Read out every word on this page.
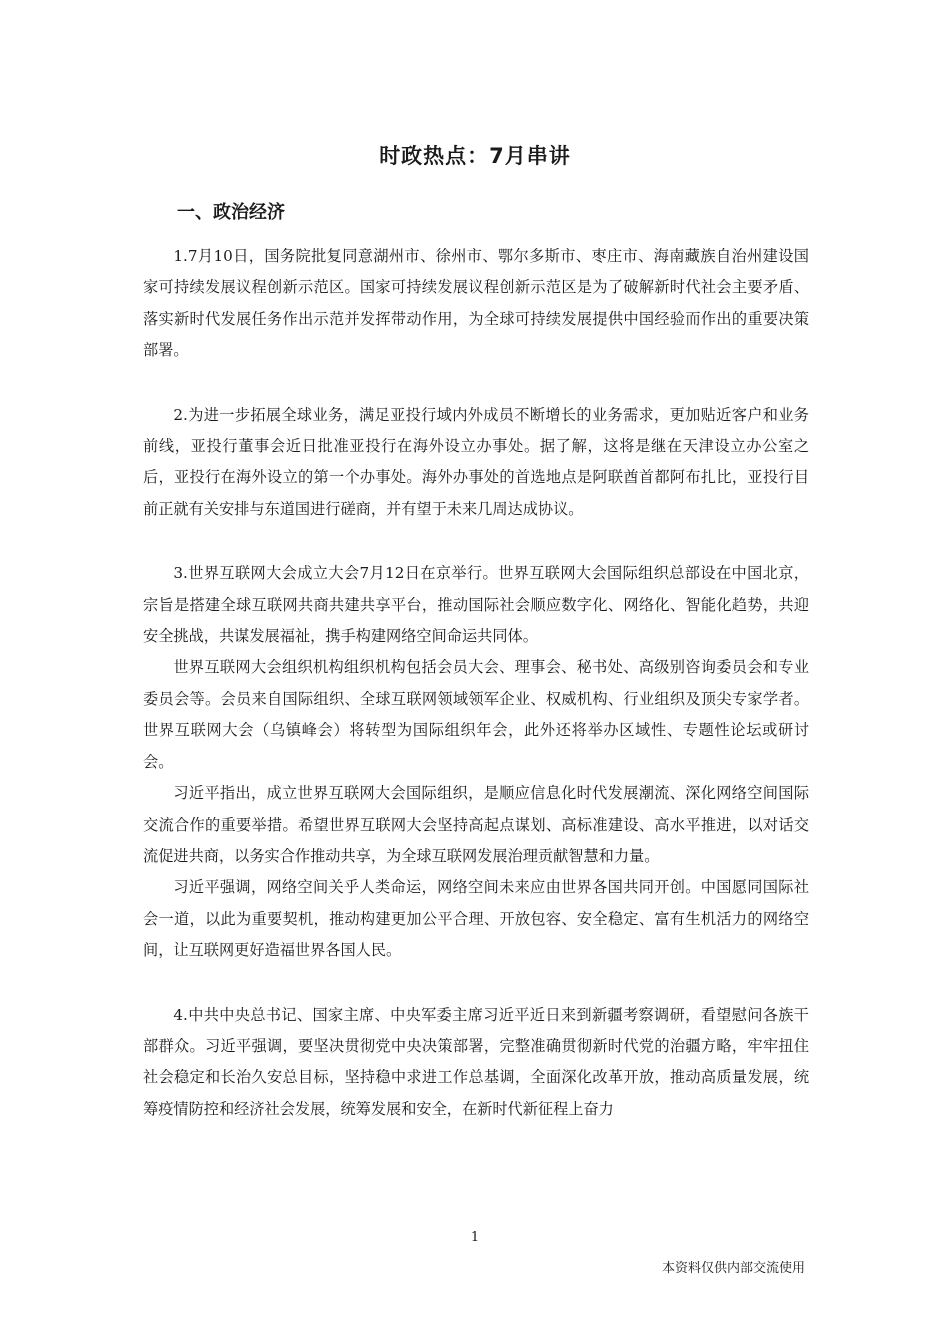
时政热点：7月串讲
一、政治经济

1.7月10日，国务院批复同意湖州市、徐州市、鄂尔多斯市、枣庄市、海南藏族自治州建设国家可持续发展议程创新示范区。国家可持续发展议程创新示范区是为了破解新时代社会主要矛盾、落实新时代发展任务作出示范并发挥带动作用，为全球可持续发展提供中国经验而作出的重要决策部署。

2.为进一步拓展全球业务，满足亚投行域内外成员不断增长的业务需求，更加贴近客户和业务前线，亚投行董事会近日批准亚投行在海外设立办事处。据了解，这将是继在天津设立办公室之后，亚投行在海外设立的第一个办事处。海外办事处的首选地点是阿联酋首都阿布扎比，亚投行目前正就有关安排与东道国进行磋商，并有望于未来几周达成协议。

3.世界互联网大会成立大会7月12日在京举行。世界互联网大会国际组织总部设在中国北京，宗旨是搭建全球互联网共商共建共享平台，推动国际社会顺应数字化、网络化、智能化趋势，共迎安全挑战，共谋发展福祉，携手构建网络空间命运共同体。

世界互联网大会组织机构组织机构包括会员大会、理事会、秘书处、高级别咨询委员会和专业委员会等。会员来自国际组织、全球互联网领域领军企业、权威机构、行业组织及顶尖专家学者。世界互联网大会（乌镇峰会）将转型为国际组织年会，此外还将举办区域性、专题性论坛或研讨会。

习近平指出，成立世界互联网大会国际组织，是顺应信息化时代发展潮流、深化网络空间国际交流合作的重要举措。希望世界互联网大会坚持高起点谋划、高标准建设、高水平推进，以对话交流促进共商，以务实合作推动共享，为全球互联网发展治理贡献智慧和力量。

习近平强调，网络空间关乎人类命运，网络空间未来应由世界各国共同开创。中国愿同国际社会一道，以此为重要契机，推动构建更加公平合理、开放包容、安全稳定、富有生机活力的网络空间，让互联网更好造福世界各国人民。

4.中共中央总书记、国家主席、中央军委主席习近平近日来到新疆考察调研，看望慰问各族干部群众。习近平强调，要坚决贯彻党中央决策部署，完整准确贯彻新时代党的治疆方略，牢牢扭住社会稳定和长治久安总目标，坚持稳中求进工作总基调，全面深化改革开放，推动高质量发展，统筹疫情防控和经济社会发展，统筹发展和安全，在新时代新征程上奋力

1
本资料仅供内部交流使用
